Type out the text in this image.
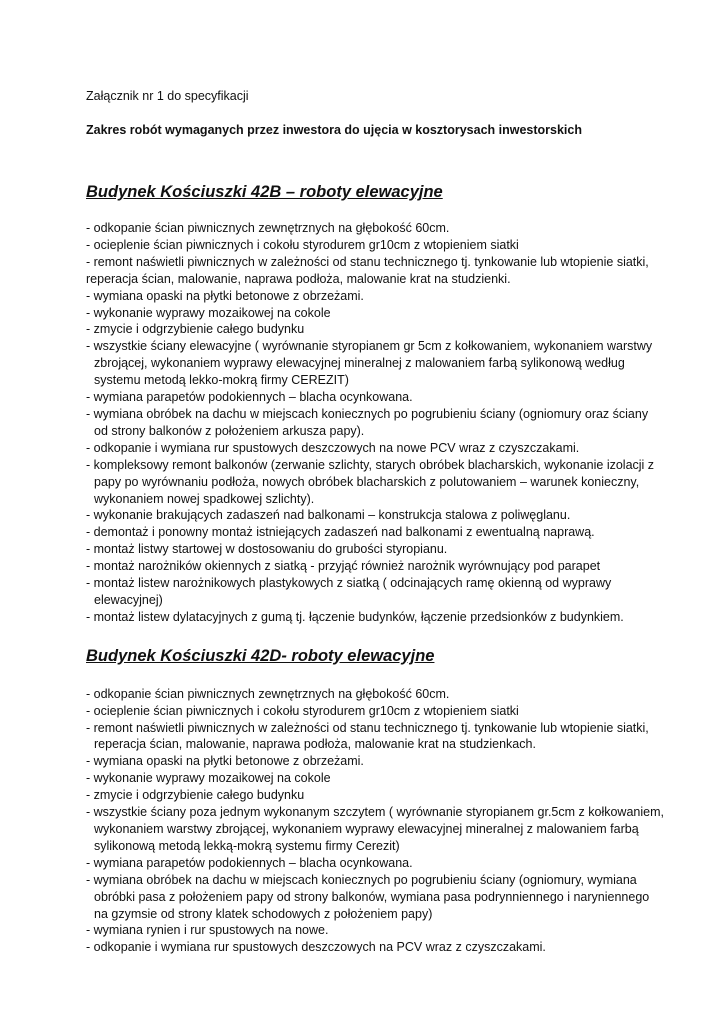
Załącznik nr 1 do specyfikacji

Zakres robót wymaganych przez inwestora do ujęcia w kosztorysach inwestorskich

Budynek Kościuszki 42B – roboty elewacyjne
- odkopanie ścian piwnicznych zewnętrznych na głębokość 60cm.
- ocieplenie ścian piwnicznych i cokołu styrodurem gr10cm z wtopieniem siatki
- remont naświetli piwnicznych w zależności od stanu technicznego tj. tynkowanie lub wtopienie siatki, reperacja ścian, malowanie, naprawa podłoża, malowanie krat na studzienki.
- wymiana opaski na płytki betonowe z obrzeżami.
- wykonanie wyprawy mozaikowej na cokole
- zmycie i odgrzybienie całego budynku
- wszystkie ściany elewacyjne ( wyrównanie styropianem gr 5cm z kołkowaniem, wykonaniem warstwy zbrojącej, wykonaniem wyprawy elewacyjnej mineralnej z malowaniem farbą sylikonową według systemu metodą lekko-mokrą firmy CEREZIT)
- wymiana parapetów podokiennych – blacha ocynkowana.
- wymiana obróbek na dachu w miejscach koniecznych po pogrubieniu ściany (ogniomury oraz ściany od strony balkonów z położeniem arkusza papy).
- odkopanie i wymiana rur spustowych deszczowych na nowe PCV wraz z czyszczakami.
- kompleksowy remont balkonów (zerwanie szlichty, starych obróbek blacharskich, wykonanie izolacji z papy po wyrównaniu podłoża, nowych obróbek blacharskich z polutowaniem – warunek konieczny, wykonaniem nowej spadkowej szlichty).
- wykonanie brakujących zadaszeń nad balkonami – konstrukcja stalowa z poliwęglanu.
- demontaż i ponowny montaż istniejących zadaszeń nad balkonami z ewentualną naprawą.
- montaż listwy startowej w dostosowaniu do grubości styropianu.
- montaż narożników okiennych z siatką - przyjąć również narożnik wyrównujący pod parapet
- montaż listew narożnikowych plastykowych z siatką ( odcinających ramę okienną od wyprawy elewacyjnej)
- montaż listew dylatacyjnych z gumą tj. łączenie budynków, łączenie przedsionków z budynkiem.
Budynek Kościuszki 42D- roboty elewacyjne
- odkopanie ścian piwnicznych zewnętrznych na głębokość 60cm.
- ocieplenie ścian piwnicznych i cokołu styrodurem gr10cm z wtopieniem siatki
- remont naświetli piwnicznych w zależności od stanu technicznego tj. tynkowanie lub wtopienie siatki, reperacja ścian, malowanie, naprawa podłoża, malowanie krat na studzienkach.
- wymiana opaski na płytki betonowe z obrzeżami.
- wykonanie wyprawy mozaikowej na cokole
- zmycie i odgrzybienie całego budynku
- wszystkie ściany poza jednym wykonanym szczytem ( wyrównanie styropianem gr.5cm z kołkowaniem, wykonaniem warstwy zbrojącej, wykonaniem wyprawy elewacyjnej mineralnej z malowaniem farbą sylikonową metodą lekką-mokrą systemu firmy Cerezit)
- wymiana parapetów podokiennych – blacha ocynkowana.
- wymiana obróbek na dachu w miejscach koniecznych po pogrubieniu ściany (ogniomury, wymiana obróbki pasa z położeniem papy od strony balkonów, wymiana pasa podrynniennego i naryniennego na gzymsie od strony klatek schodowych z położeniem papy)
- wymiana rynien i rur spustowych na nowe.
- odkopanie i wymiana rur spustowych deszczowych na PCV wraz z czyszczakami.
